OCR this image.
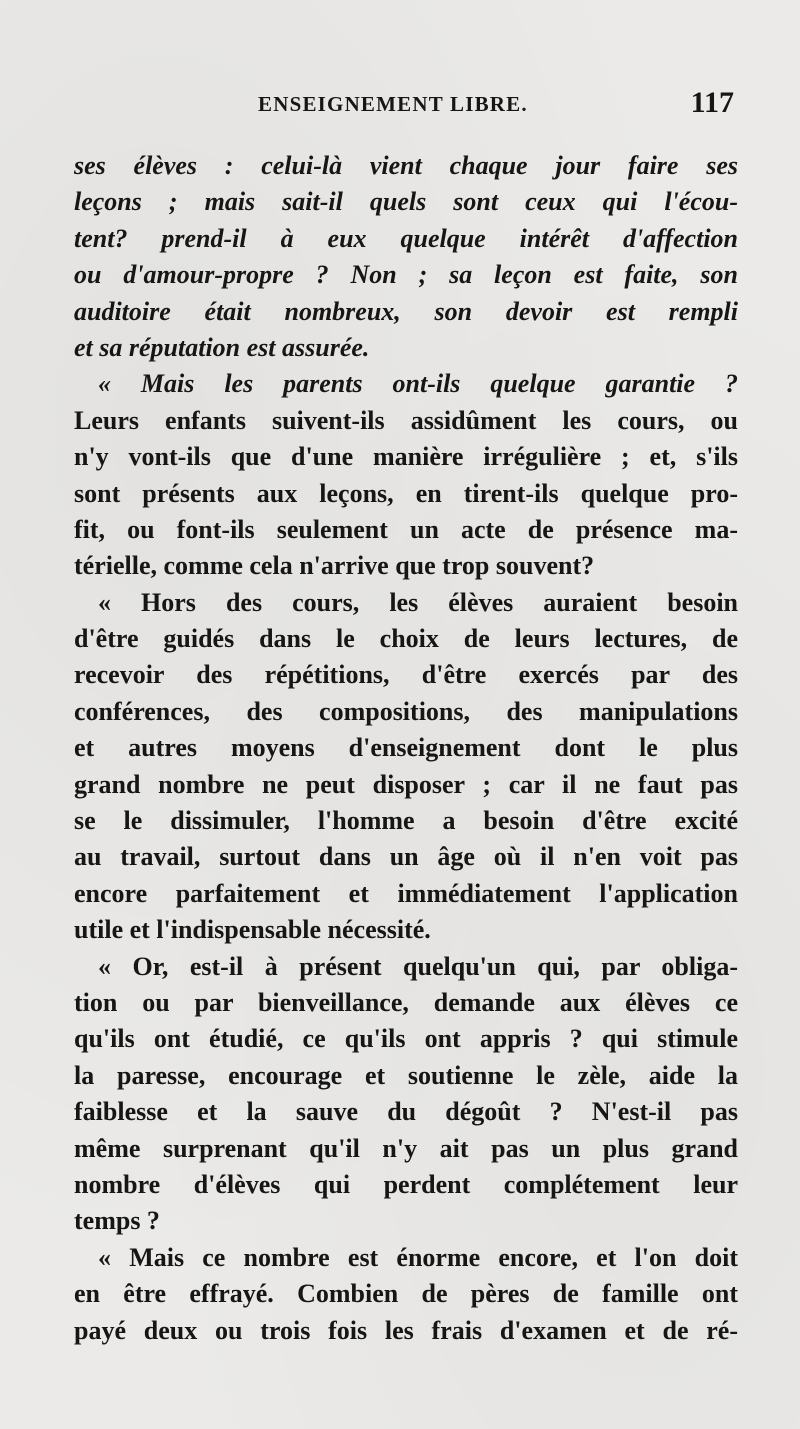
ENSEIGNEMENT LIBRE.	117
ses élèves : celui-là vient chaque jour faire ses
leçons ; mais sait-il quels sont ceux qui l'écou-
tent? prend-il à eux quelque intérêt d'affection
ou d'amour-propre ? Non ; sa leçon est faite, son
auditoire était nombreux, son devoir est rempli
et sa réputation est assurée.
« Mais les parents ont-ils quelque garantie ?
Leurs enfants suivent-ils assidûment les cours, ou
n'y vont-ils que d'une manière irrégulière ; et, s'ils
sont présents aux leçons, en tirent-ils quelque pro-
fit, ou font-ils seulement un acte de présence ma-
térielle, comme cela n'arrive que trop souvent?
« Hors des cours, les élèves auraient besoin
d'être guidés dans le choix de leurs lectures, de
recevoir des répétitions, d'être exercés par des
conférences, des compositions, des manipulations
et autres moyens d'enseignement dont le plus
grand nombre ne peut disposer ; car il ne faut pas
se le dissimuler, l'homme a besoin d'être excité
au travail, surtout dans un âge où il n'en voit pas
encore parfaitement et immédiatement l'application
utile et l'indispensable nécessité.
« Or, est-il à présent quelqu'un qui, par obliga-
tion ou par bienveillance, demande aux élèves ce
qu'ils ont étudié, ce qu'ils ont appris ? qui stimule
la paresse, encourage et soutienne le zèle, aide la
faiblesse et la sauve du dégoût ? N'est-il pas
même surprenant qu'il n'y ait pas un plus grand
nombre d'élèves qui perdent complétement leur
temps ?
« Mais ce nombre est énorme encore, et l'on doit
en être effrayé. Combien de pères de famille ont
payé deux ou trois fois les frais d'examen et de ré-
